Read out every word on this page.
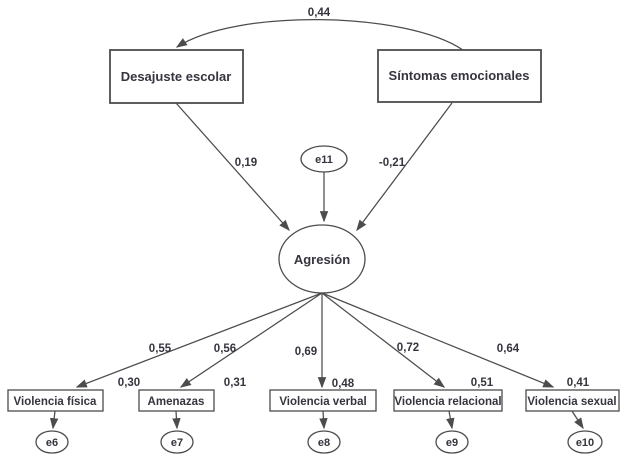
0,44
Desajuste escolar	Síntomas emocionales
0,19	-0,21
e11
Agresión
0,55	0,56	0,69	0,72	0,64
0,30	0,31	0,48	0,51	0,41
Violencia física	Amenazas	Violencia verbal Violencia relacional Violencia sexual
e6	e7	e8	e9	e10
